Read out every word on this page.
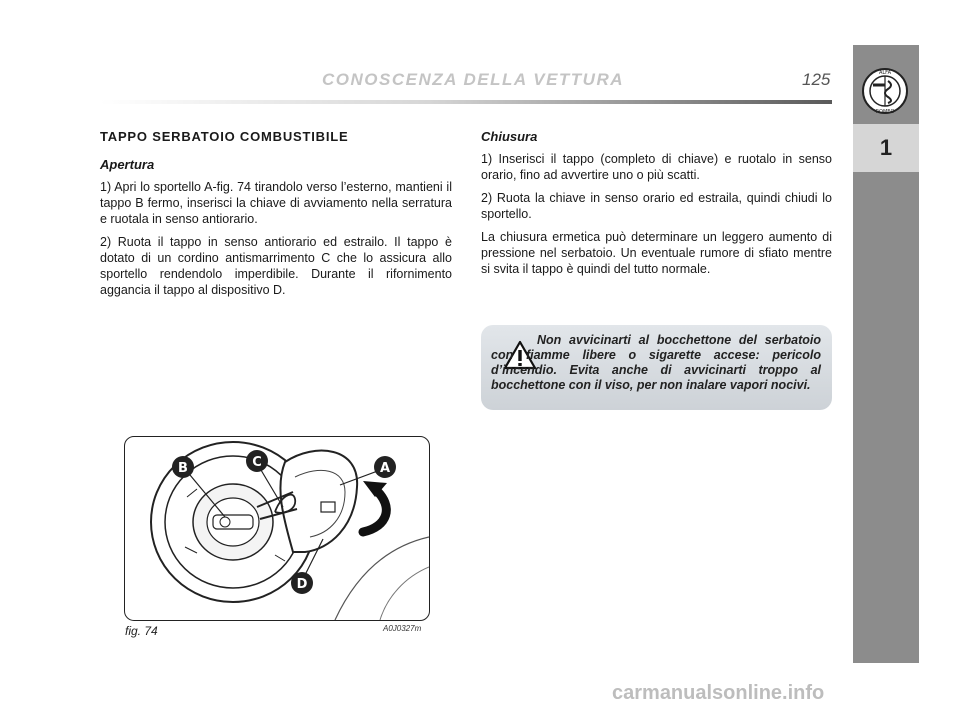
CONOSCENZA DELLA VETTURA	125	ALFA
ROMEO
1
TAPPO SERBATOIO COMBUSTIBILE
Apertura

1) Apri lo sportello A-fig. 74 tirandolo verso l’esterno, mantieni il tappo B fermo, inserisci la chiave di avviamento nella serratura e ruotala in senso antiorario.

2) Ruota il tappo in senso antiorario ed estrailo. Il tappo è dotato di un cordino antismarrimento C che lo assicura allo sportello rendendolo imperdibile. Durante il rifornimento aggancia il tappo al dispositivo D.

Chiusura

1) Inserisci il tappo (completo di chiave) e ruotalo in senso orario, fino ad avvertire uno o più scatti.

2) Ruota la chiave in senso orario ed estraila, quindi chiudi lo sportello.

La chiusura ermetica può determinare un leggero aumento di pressione nel serbatoio. Un eventuale rumore di sfiato mentre si svita il tappo è quindi del tutto normale.

Non avvicinarti al bocchettone del serbatoio con fiamme libere o sigarette accese: pericolo d’incendio. Evita anche di avvicinarti troppo al bocchettone con il viso, per non inalare vapori nocivi.
B	C	A
D
fig. 74	A0J0327m
carmanualsonline.info
